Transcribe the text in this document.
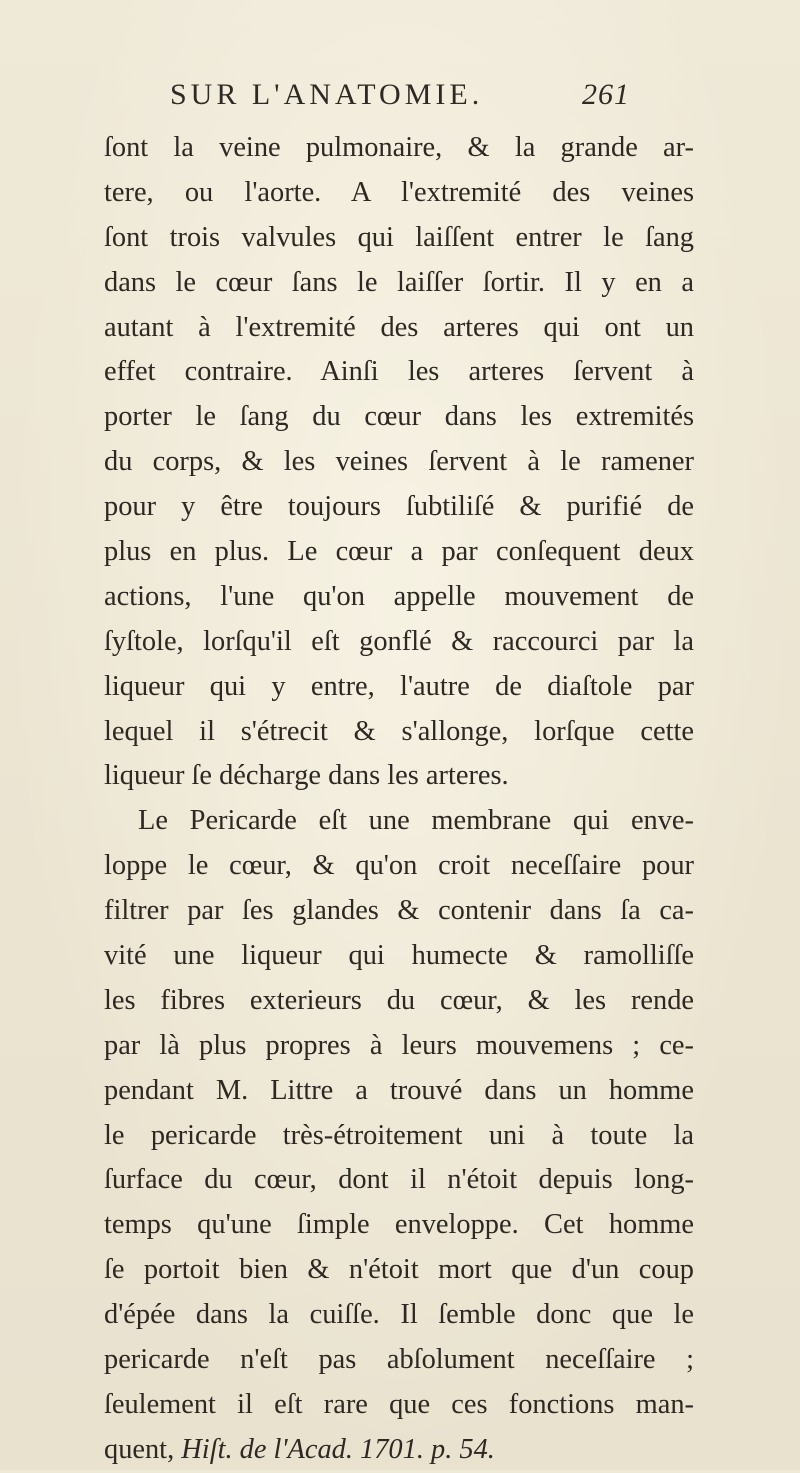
SUR L'ANATOMIE.	261
ſont la veine pulmonaire, & la grande ar-
tere, ou l'aorte. A l'extremité des veines
ſont trois valvules qui laiſſent entrer le ſang
dans le cœur ſans le laiſſer ſortir. Il y en a
autant à l'extremité des arteres qui ont un
effet contraire. Ainſi les arteres ſervent à
porter le ſang du cœur dans les extremités
du corps, & les veines ſervent à le ramener
pour y être toujours ſubtiliſé & purifié de
plus en plus. Le cœur a par conſequent deux
actions, l'une qu'on appelle mouvement de
ſyſtole, lorſqu'il eſt gonflé & raccourci par la
liqueur qui y entre, l'autre de diaſtole par
lequel il s'étrecit & s'allonge, lorſque cette
liqueur ſe décharge dans les arteres.
Le Pericarde eſt une membrane qui enve-
loppe le cœur, & qu'on croit neceſſaire pour
filtrer par ſes glandes & contenir dans ſa ca-
vité une liqueur qui humecte & ramolliſſe
les fibres exterieurs du cœur, & les rende
par là plus propres à leurs mouvemens ; ce-
pendant M. Littre a trouvé dans un homme
le pericarde très-étroitement uni à toute la
ſurface du cœur, dont il n'étoit depuis long-
temps qu'une ſimple enveloppe. Cet homme
ſe portoit bien & n'étoit mort que d'un coup
d'épée dans la cuiſſe. Il ſemble donc que le
pericarde n'eſt pas abſolument neceſſaire ;
ſeulement il eſt rare que ces fonctions man-
quent, Hiſt. de l'Acad. 1701. p. 54.
